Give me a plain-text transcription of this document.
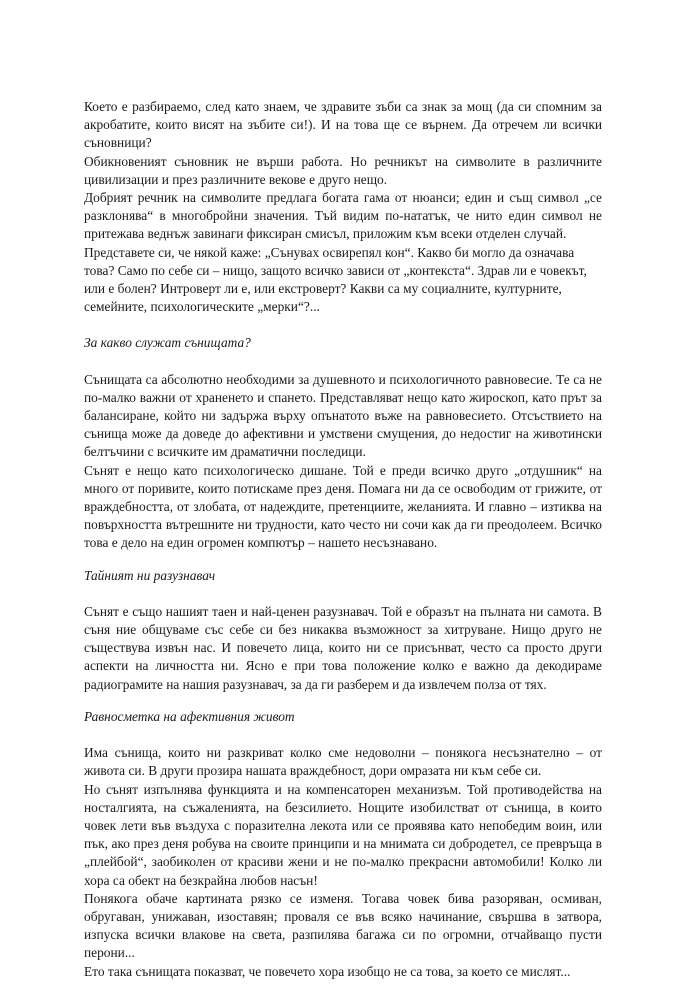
Което е разбираемо, след като знаем, че здравите зъби са знак за мощ (да си спомним за акробатите, които висят на зъбите си!). И на това ще се върнем. Да отречем ли всички съновници?

Обикновеният съновник не върши работа. Но речникът на символите в различните цивилизации и през различните векове е друго нещо.

Добрият речник на символите предлага богата гама от нюанси; един и същ символ „се разклонява“ в многобройни значения. Тъй видим по-нататък, че нито един символ не притежава веднъж завинаги фиксиран смисъл, приложим към всеки отделен случай.

Представете си, че някой каже: „Сънувах освирепял кон“. Какво би могло да означава това? Само по себе си – нищо, защото всичко зависи от „контекста“. Здрав ли е човекът, или е болен? Интроверт ли е, или екстроверт? Какви са му социалните, културните, семейните, психологическите „мерки“?...

За какво служат сънищата?

Сънищата са абсолютно необходими за душевното и психологичното равновесие. Те са не по-малко важни от храненето и спането. Представляват нещо като жироскоп, като прът за балансиране, който ни задържа върху опънатото въже на равновесието. Отсъствието на сънища може да доведе до афективни и умствени смущения, до недостиг на животински белтъчини с всичките им драматични последици.

Сънят е нещо като психологическо дишане. Той е преди всичко друго „отдушник“ на много от поривите, които потискаме през деня. Помага ни да се освободим от грижите, от враждебността, от злобата, от надеждите, претенциите, желанията. И главно – изтиква на повърхността вътрешните ни трудности, като често ни сочи как да ги преодолеем. Всичко това е дело на един огромен компютър – нашето несъзнавано.

Тайният ни разузнавач

Сънят е също нашият таен и най-ценен разузнавач. Той е образът на пълната ни самота. В съня ние общуваме със себе си без никаква възможност за хитруване. Нищо друго не съществува извън нас. И повечето лица, които ни се присънват, често са просто други аспекти на личността ни. Ясно е при това положение колко е важно да декодираме радиограмите на нашия разузнавач, за да ги разберем и да извлечем полза от тях.

Равносметка на афективния живот

Има сънища, които ни разкриват колко сме недоволни – понякога несъзнателно – от живота си. В други прозира нашата враждебност, дори омразата ни към себе си.

Но сънят изпълнява функцията и на компенсаторен механизъм. Той противодейства на носталгията, на съжаленията, на безсилието. Нощите изобилстват от сънища, в които човек лети във въздуха с поразителна лекота или се проявява като непобедим воин, или пък, ако през деня робува на своите принципи и на мнимата си добродетел, се превръща в „плейбой“, заобиколен от красиви жени и не по-малко прекрасни автомобили! Колко ли хора са обект на безкрайна любов насън!

Понякога обаче картината рязко се изменя. Тогава човек бива разоряван, осмиван, обругаван, унижаван, изоставян; проваля се във всяко начинание, свършва в затвора, изпуска всички влакове на света, разпилява багажа си по огромни, отчайващо пусти перони...

Ето така сънищата показват, че повечето хора изобщо не са това, за което се мислят...
